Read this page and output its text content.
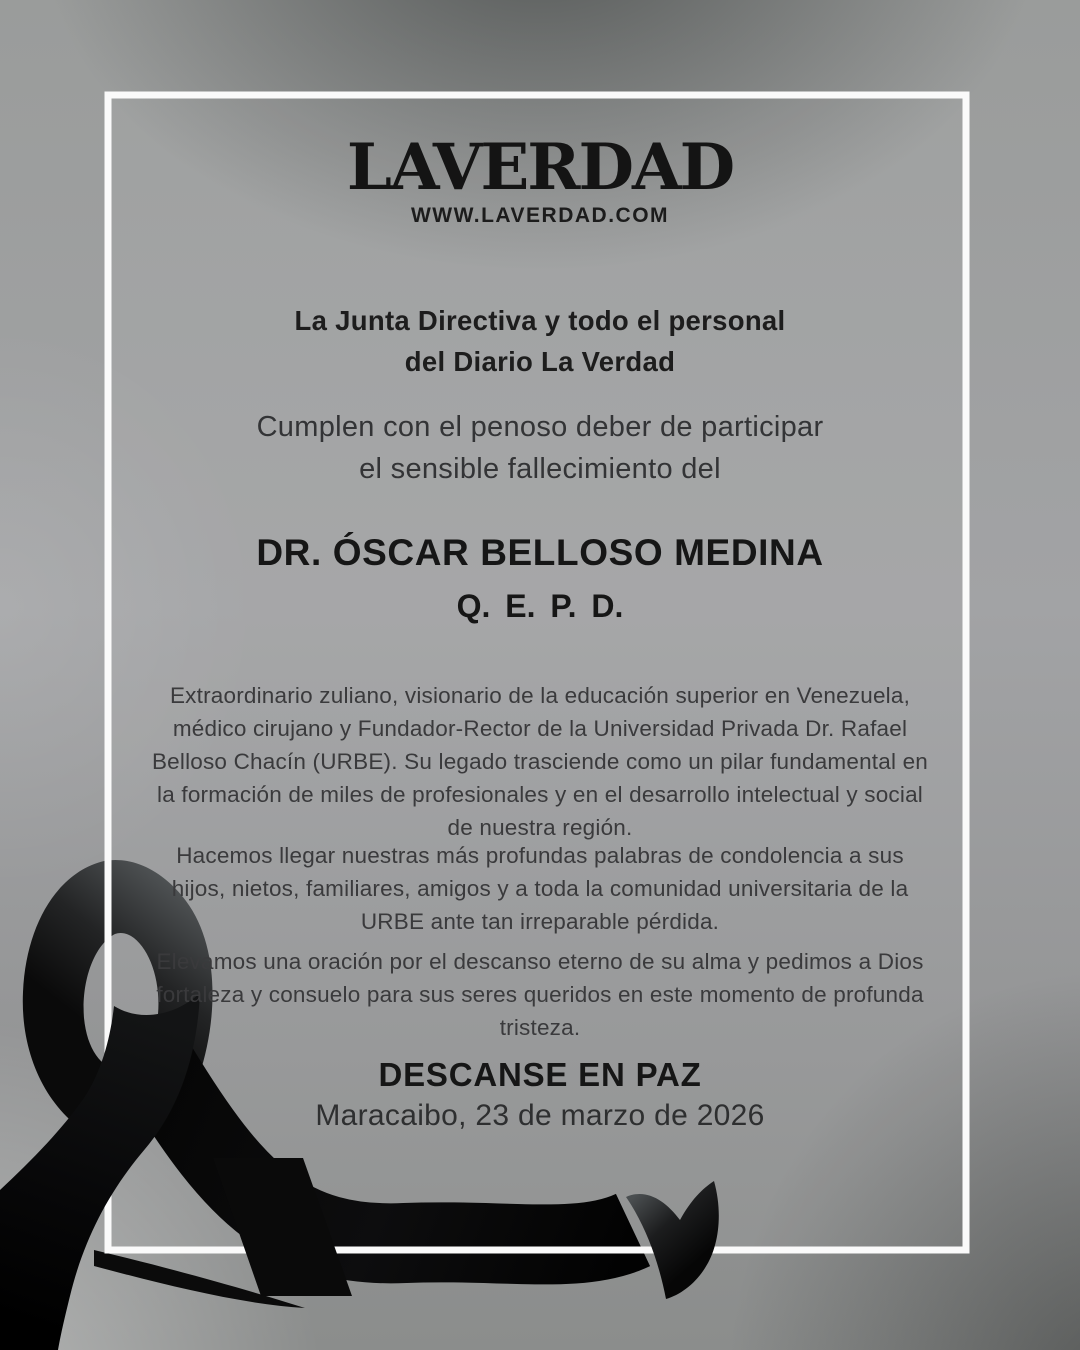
LAVERDAD
WWW.LAVERDAD.COM
La Junta Directiva y todo el personal
del Diario La Verdad
Cumplen con el penoso deber de participar
el sensible fallecimiento del
DR. ÓSCAR BELLOSO MEDINA
Q. E. P. D.

Extraordinario zuliano, visionario de la educación superior en Venezuela, médico cirujano y Fundador-Rector de la Universidad Privada Dr. Rafael Belloso Chacín (URBE). Su legado trasciende como un pilar fundamental en la formación de miles de profesionales y en el desarrollo intelectual y social de nuestra región.

Hacemos llegar nuestras más profundas palabras de condolencia a sus hijos, nietos, familiares, amigos y a toda la comunidad universitaria de la URBE ante tan irreparable pérdida.

Elevamos una oración por el descanso eterno de su alma y pedimos a Dios fortaleza y consuelo para sus seres queridos en este momento de profunda tristeza.

DESCANSE EN PAZ
Maracaibo, 23 de marzo de 2026
